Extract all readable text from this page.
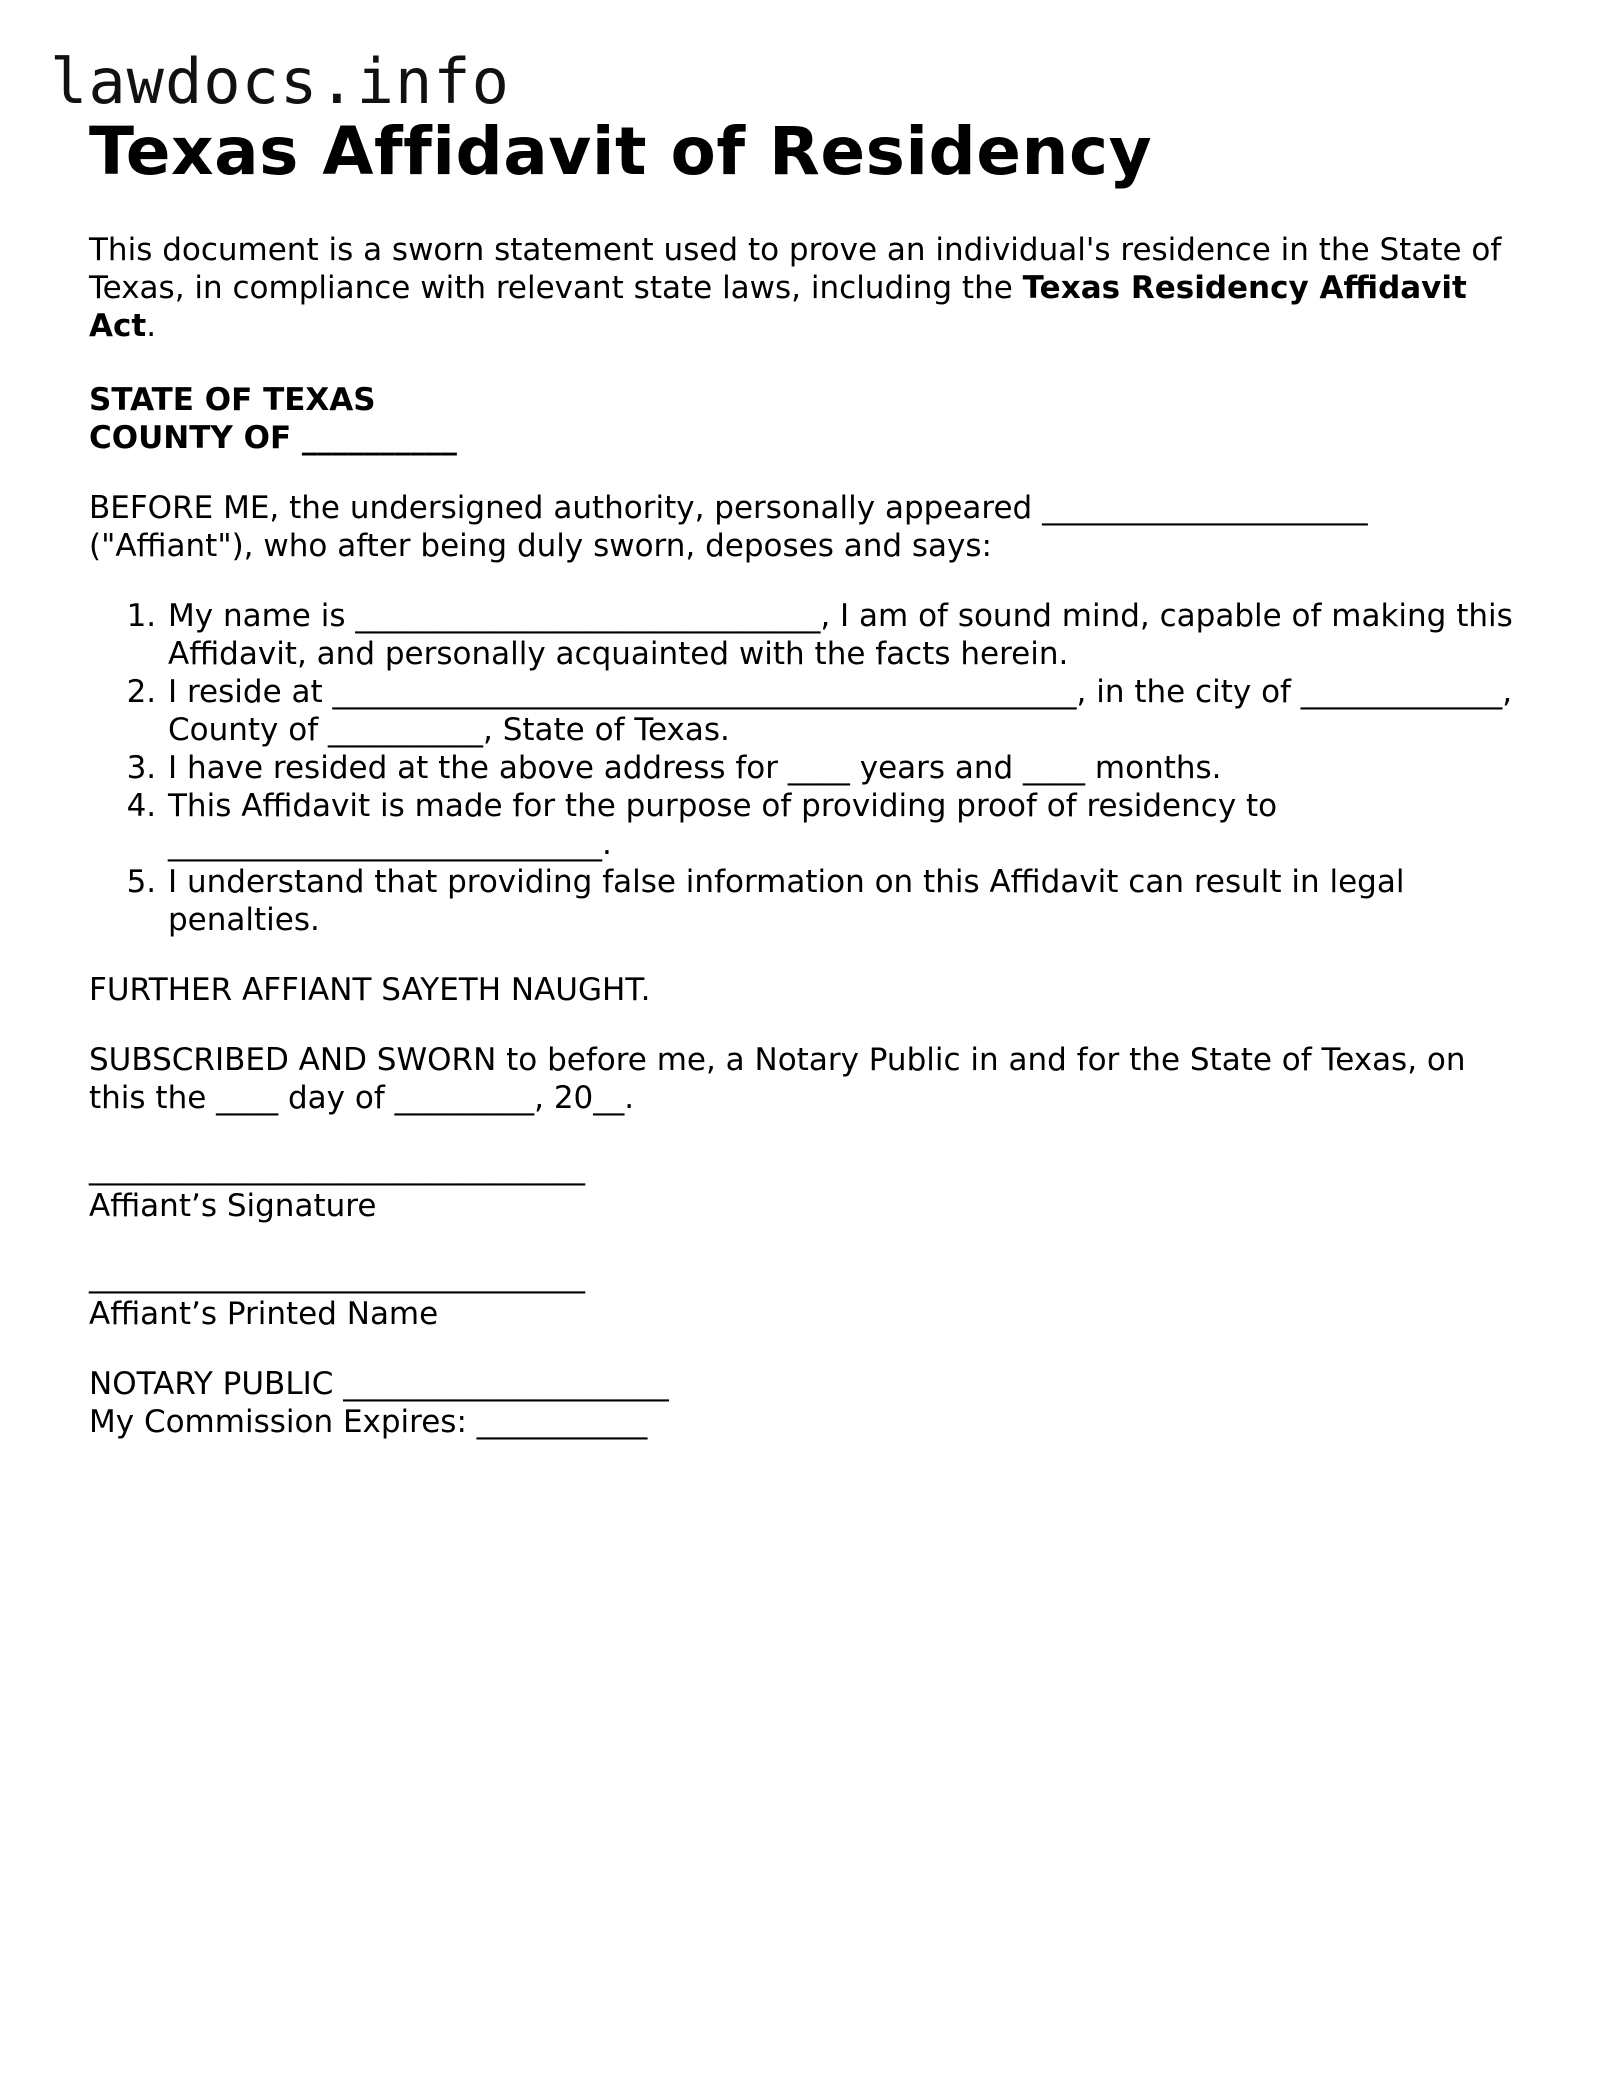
lawdocs.info
Texas Affidavit of Residency

This document is a sworn statement used to prove an individual's residence in the State of Texas, in compliance with relevant state laws, including the Texas Residency Affidavit Act.

STATE OF TEXAS
COUNTY OF __________

BEFORE ME, the undersigned authority, personally appeared _____________________ ("Affiant"), who after being duly sworn, deposes and says:

1. My name is ______________________________, I am of sound mind, capable of making this Affidavit, and personally acquainted with the facts herein.
2. I reside at ________________________________________________, in the city of _____________, County of __________, State of Texas.
3. I have resided at the above address for ____ years and ____ months.
4. This Affidavit is made for the purpose of providing proof of residency to ____________________________.
5. I understand that providing false information on this Affidavit can result in legal penalties.

FURTHER AFFIANT SAYETH NAUGHT.

SUBSCRIBED AND SWORN to before me, a Notary Public in and for the State of Texas, on this the ____ day of _________, 20__.

________________________________
Affiant’s Signature
________________________________
Affiant’s Printed Name
NOTARY PUBLIC _____________________
My Commission Expires: ___________
